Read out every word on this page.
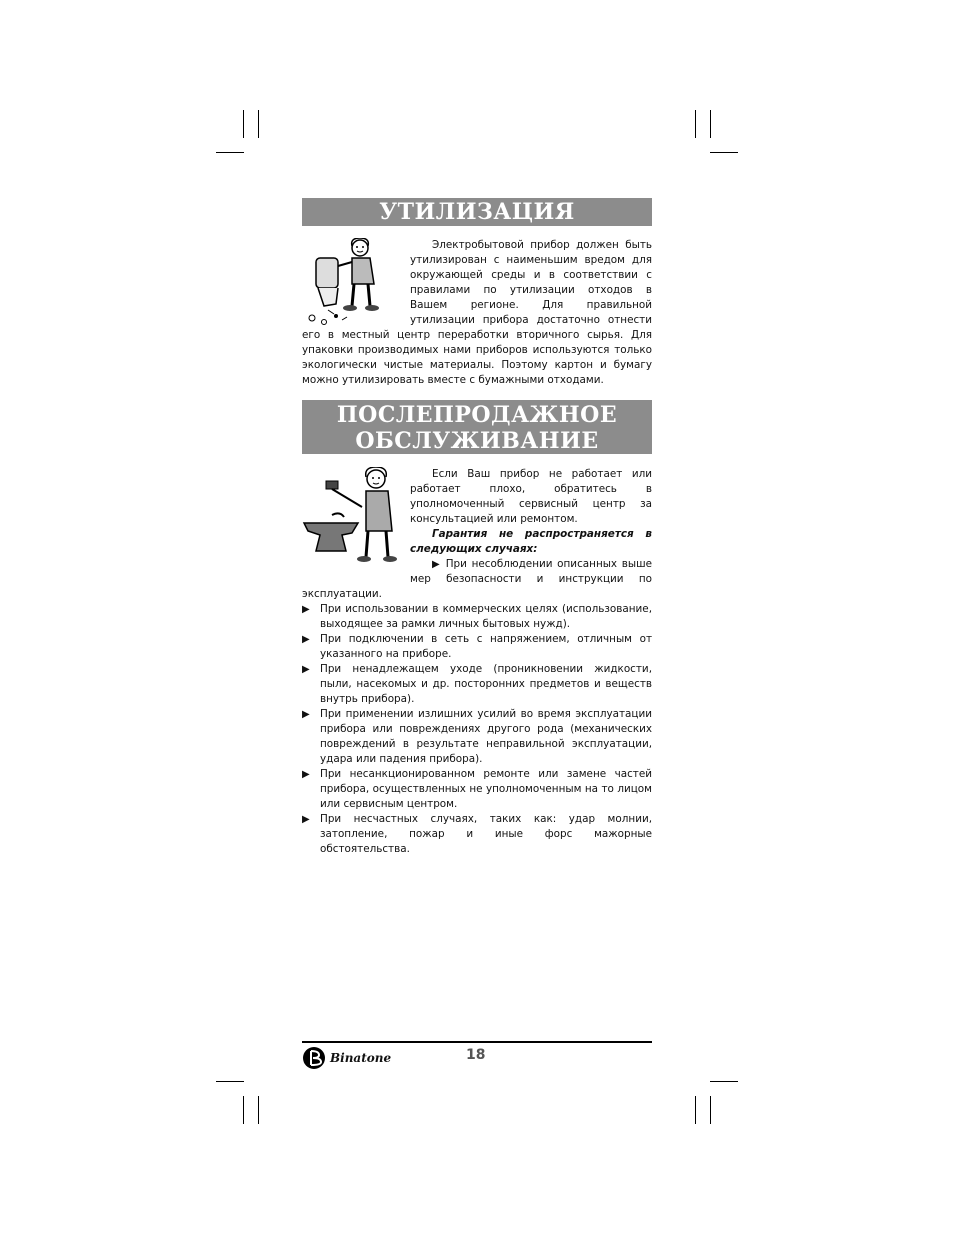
УТИЛИЗАЦИЯ

Электробытовой прибор должен быть утилизирован с наименьшим вредом для окружающей среды и в соответствии с правилами по утилизации отходов в Вашем регионе. Для правильной утилизации прибора достаточно отнести его в местный центр переработки вторичного сырья. Для упаковки производимых нами приборов используются только экологически чистые материалы. Поэтому картон и бумагу можно утилизировать вместе с бумажными отходами.

ПОСЛЕПРОДАЖНОЕ
ОБСЛУЖИВАНИЕ

Если Ваш прибор не работает или работает плохо, обратитесь в уполномоченный сервисный центр за консультацией или ремонтом.

Гарантия не распространяется в следующих случаях:

▶ При несоблюдении описанных выше мер безопасности и инструкции по эксплуатации.

▶ При использовании в коммерческих целях (использование, выходящее за рамки личных бытовых нужд).

▶ При подключении в сеть с напряжением, отличным от указанного на приборе.

▶ При ненадлежащем уходе (проникновении жидкости, пыли, насекомых и др. посторонних предметов и веществ внутрь прибора).

▶ При применении излишних усилий во время эксплуатации прибора или повреждениях другого рода (механических повреждений в результате неправильной эксплуатации, удара или падения прибора).

▶ При несанкционированном ремонте или замене частей прибора, осуществленных не уполномоченным на то лицом или сервисным центром.

▶ При несчастных случаях, таких как: удар молнии, затопление, пожар и иные форс мажорные обстоятельства.

Binatone	18
